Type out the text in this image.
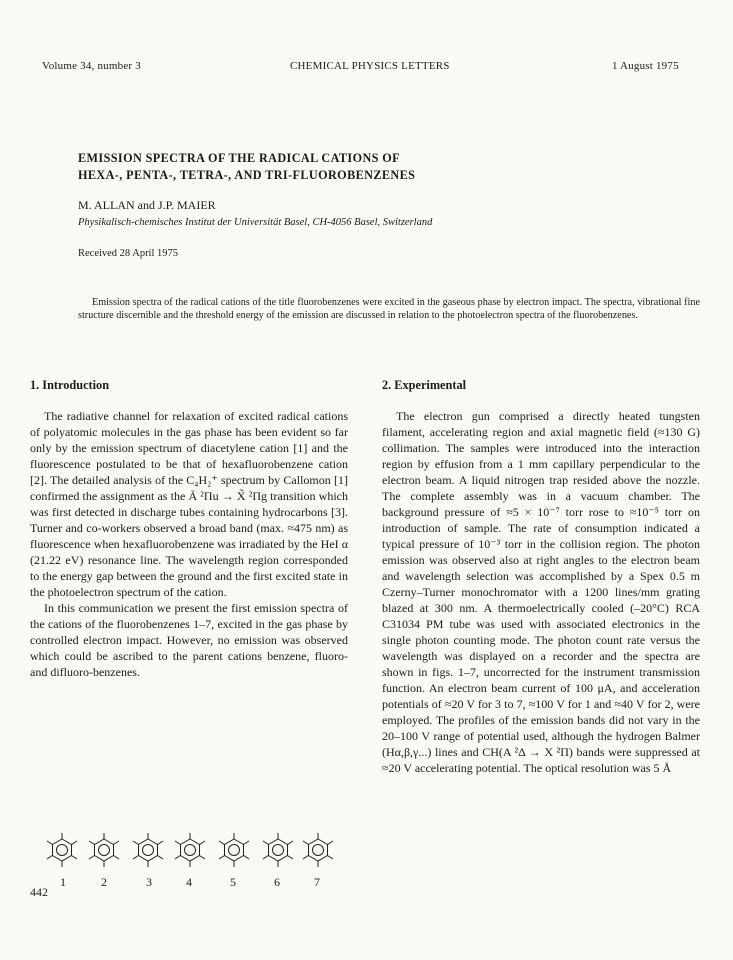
Volume 34, number 3	CHEMICAL PHYSICS LETTERS	1 August 1975
EMISSION SPECTRA OF THE RADICAL CATIONS OF
HEXA-, PENTA-, TETRA-, AND TRI-FLUOROBENZENES
M. ALLAN and J.P. MAIER
Physikalisch-chemisches Institut der Universität Basel, CH-4056 Basel, Switzerland
Received 28 April 1975
Emission spectra of the radical cations of the title fluorobenzenes were excited in the gaseous phase by electron impact. The spectra, vibrational fine structure discernible and the threshold energy of the emission are discussed in relation to the photoelectron spectra of the fluorobenzenes.
1. Introduction

The radiative channel for relaxation of excited radical cations of polyatomic molecules in the gas phase has been evident so far only by the emission spectrum of diacetylene cation [1] and the fluorescence postulated to be that of hexafluorobenzene cation [2]. The detailed analysis of the C₄H₂⁺ spectrum by Callomon [1] confirmed the assignment as the Ã ²Πu → X̃ ²Πg transition which was first detected in discharge tubes containing hydrocarbons [3]. Turner and co-workers observed a broad band (max. ≈475 nm) as fluorescence when hexafluorobenzene was irradiated by the HeI α (21.22 eV) resonance line. The wavelength region corresponded to the energy gap between the ground and the first excited state in the photoelectron spectrum of the cation.

In this communication we present the first emission spectra of the cations of the fluorobenzenes 1–7, excited in the gas phase by controlled electron impact. However, no emission was observed which could be ascribed to the parent cations benzene, fluoro- and difluoro-benzenes.

1	2	3	4	5	6	7
442
2. Experimental

The electron gun comprised a directly heated tungsten filament, accelerating region and axial magnetic field (≈130 G) collimation. The samples were introduced into the interaction region by effusion from a 1 mm capillary perpendicular to the electron beam. A liquid nitrogen trap resided above the nozzle. The complete assembly was in a vacuum chamber. The background pressure of ≈5 × 10⁻⁷ torr rose to ≈10⁻⁵ torr on introduction of sample. The rate of consumption indicated a typical pressure of 10⁻³ torr in the collision region. The photon emission was observed also at right angles to the electron beam and wavelength selection was accomplished by a Spex 0.5 m Czerny–Turner monochromator with a 1200 lines/mm grating blazed at 300 nm. A thermoelectrically cooled (–20°C) RCA C31034 PM tube was used with associated electronics in the single photon counting mode. The photon count rate versus the wavelength was displayed on a recorder and the spectra are shown in figs. 1–7, uncorrected for the instrument transmission function. An electron beam current of 100 μA, and acceleration potentials of ≈20 V for 3 to 7, ≈100 V for 1 and ≈40 V for 2, were employed. The profiles of the emission bands did not vary in the 20–100 V range of potential used, although the hydrogen Balmer (Hα,β,γ...) lines and CH(A ²Δ → X ²Π) bands were suppressed at ≈20 V accelerating potential. The optical resolution was 5 Å
